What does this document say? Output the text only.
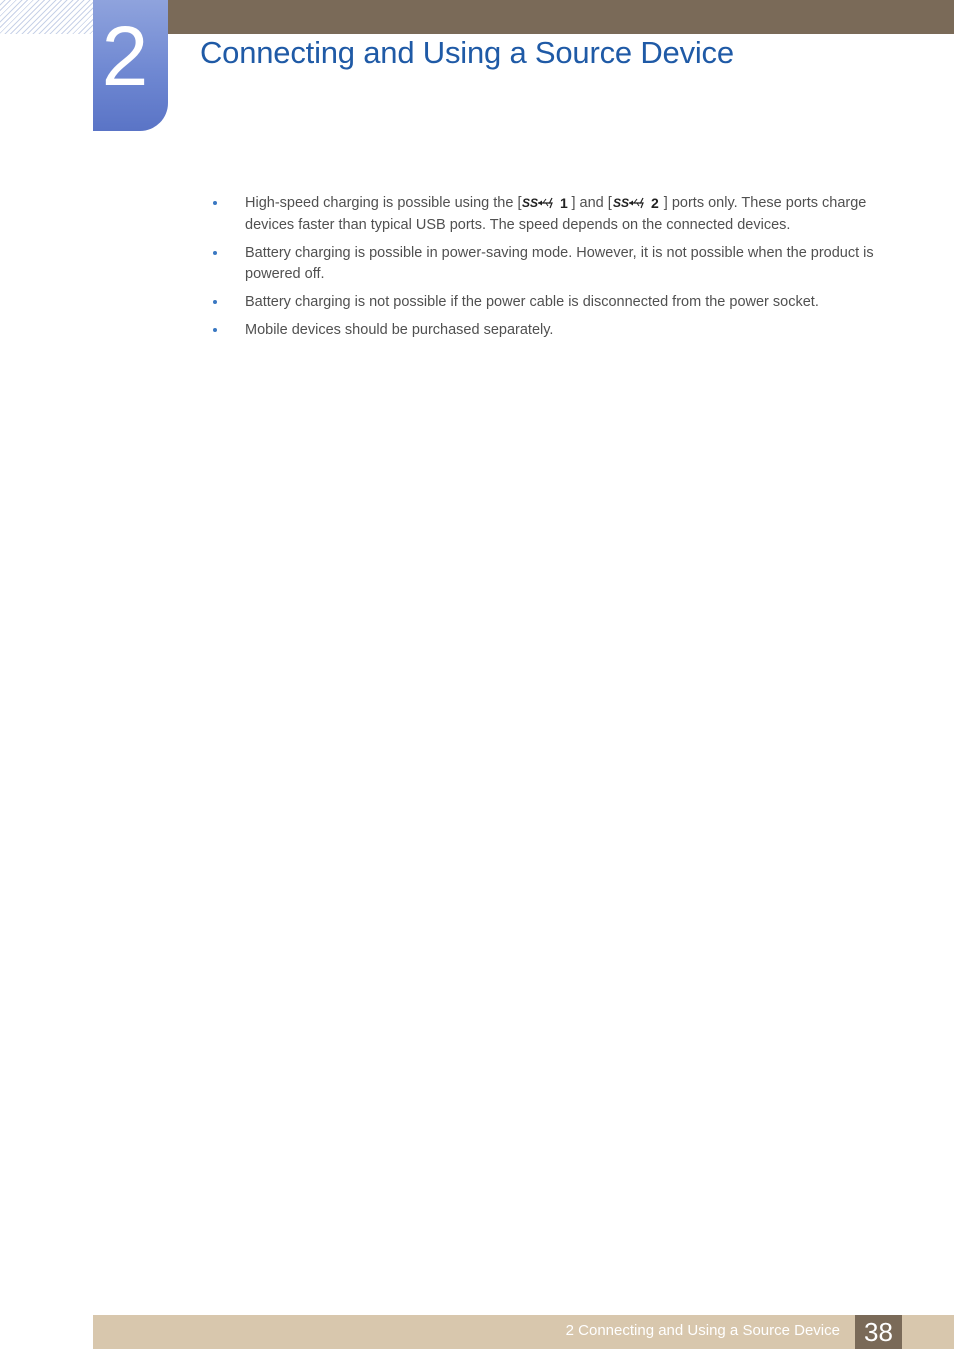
2 Connecting and Using a Source Device
High-speed charging is possible using the [ SS 1 ] and [ SS 2 ] ports only. These ports charge devices faster than typical USB ports. The speed depends on the connected devices.
Battery charging is possible in power-saving mode. However, it is not possible when the product is powered off.
Battery charging is not possible if the power cable is disconnected from the power socket.
Mobile devices should be purchased separately.
2 Connecting and Using a Source Device 38
